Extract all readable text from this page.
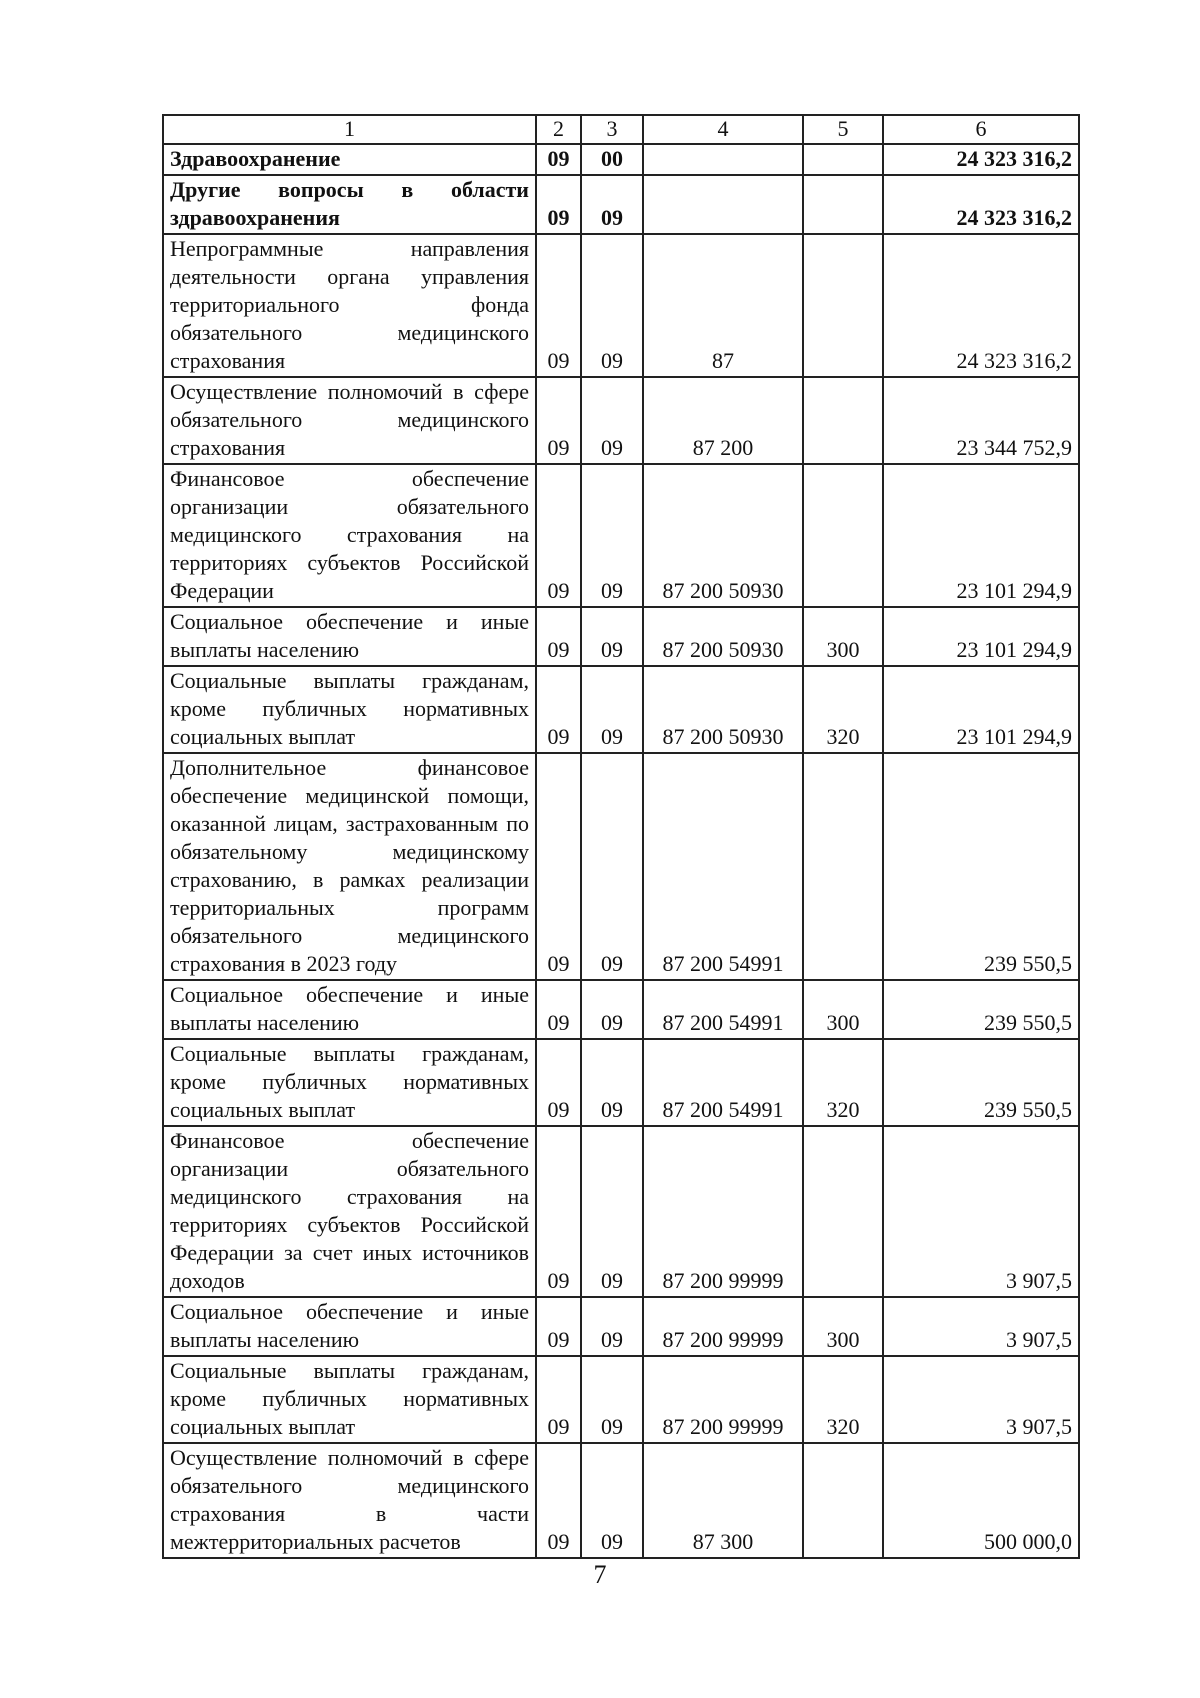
1	2	3	4	5	6
Здравоохранение	09	00			24 323 316,2
Другие вопросы в области здравоохранения	09	09			24 323 316,2
Непрограммные направления деятельности органа управления территориального фонда обязательного медицинского страхования	09	09	87		24 323 316,2
Осуществление полномочий в сфере обязательного медицинского страхования	09	09	87 200		23 344 752,9
Финансовое обеспечение организации обязательного медицинского страхования на территориях субъектов Российской Федерации	09	09	87 200 50930		23 101 294,9
Социальное обеспечение и иные выплаты населению	09	09	87 200 50930	300	23 101 294,9
Социальные выплаты гражданам, кроме публичных нормативных социальных выплат	09	09	87 200 50930	320	23 101 294,9
Дополнительное финансовое обеспечение медицинской помощи, оказанной лицам, застрахованным по обязательному медицинскому страхованию, в рамках реализации территориальных программ обязательного медицинского страхования в 2023 году	09	09	87 200 54991		239 550,5
Социальное обеспечение и иные выплаты населению	09	09	87 200 54991	300	239 550,5
Социальные выплаты гражданам, кроме публичных нормативных социальных выплат	09	09	87 200 54991	320	239 550,5
Финансовое обеспечение организации обязательного медицинского страхования на территориях субъектов Российской Федерации за счет иных источников доходов	09	09	87 200 99999		3 907,5
Социальное обеспечение и иные выплаты населению	09	09	87 200 99999	300	3 907,5
Социальные выплаты гражданам, кроме публичных нормативных социальных выплат	09	09	87 200 99999	320	3 907,5
Осуществление полномочий в сфере обязательного медицинского страхования в части межтерриториальных расчетов	09	09	87 300		500 000,0
7
